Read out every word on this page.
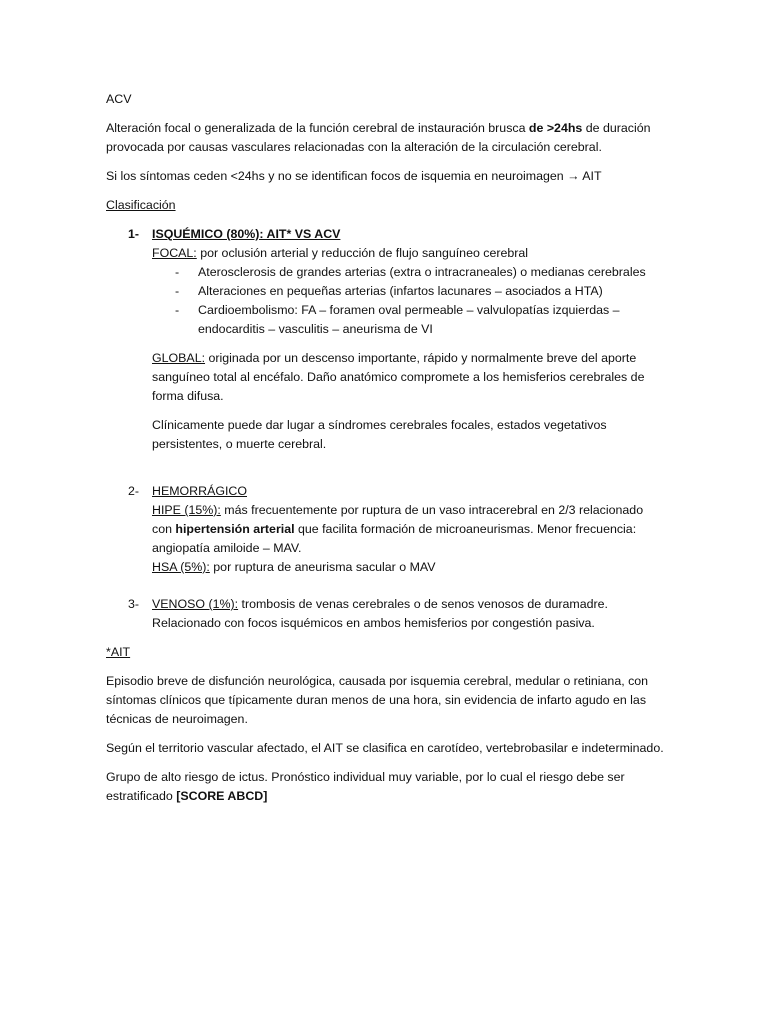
ACV

Alteración focal o generalizada de la función cerebral de instauración brusca de >24hs de duración provocada por causas vasculares relacionadas con la alteración de la circulación cerebral.

Si los síntomas ceden <24hs y no se identifican focos de isquemia en neuroimagen → AIT

Clasificación

1- ISQUÉMICO (80%): AIT* VS ACV

FOCAL: por oclusión arterial y reducción de flujo sanguíneo cerebral

- Aterosclerosis de grandes arterias (extra o intracraneales) o medianas cerebrales
- Alteraciones en pequeñas arterias (infartos lacunares – asociados a HTA)
- Cardioembolismo: FA – foramen oval permeable – valvulopatías izquierdas – endocarditis – vasculitis – aneurisma de VI

GLOBAL: originada por un descenso importante, rápido y normalmente breve del aporte sanguíneo total al encéfalo. Daño anatómico compromete a los hemisferios cerebrales de forma difusa.

Clínicamente puede dar lugar a síndromes cerebrales focales, estados vegetativos persistentes, o muerte cerebral.

2- HEMORRÁGICO

HIPE (15%): más frecuentemente por ruptura de un vaso intracerebral en 2/3 relacionado con hipertensión arterial que facilita formación de microaneurismas. Menor frecuencia: angiopatía amiloide – MAV.

HSA (5%): por ruptura de aneurisma sacular o MAV

3- VENOSO (1%): trombosis de venas cerebrales o de senos venosos de duramadre. Relacionado con focos isquémicos en ambos hemisferios por congestión pasiva.

*AIT

Episodio breve de disfunción neurológica, causada por isquemia cerebral, medular o retiniana, con síntomas clínicos que típicamente duran menos de una hora, sin evidencia de infarto agudo en las técnicas de neuroimagen.

Según el territorio vascular afectado, el AIT se clasifica en carotídeo, vertebrobasilar e indeterminado.

Grupo de alto riesgo de ictus. Pronóstico individual muy variable, por lo cual el riesgo debe ser estratificado [SCORE ABCD]
